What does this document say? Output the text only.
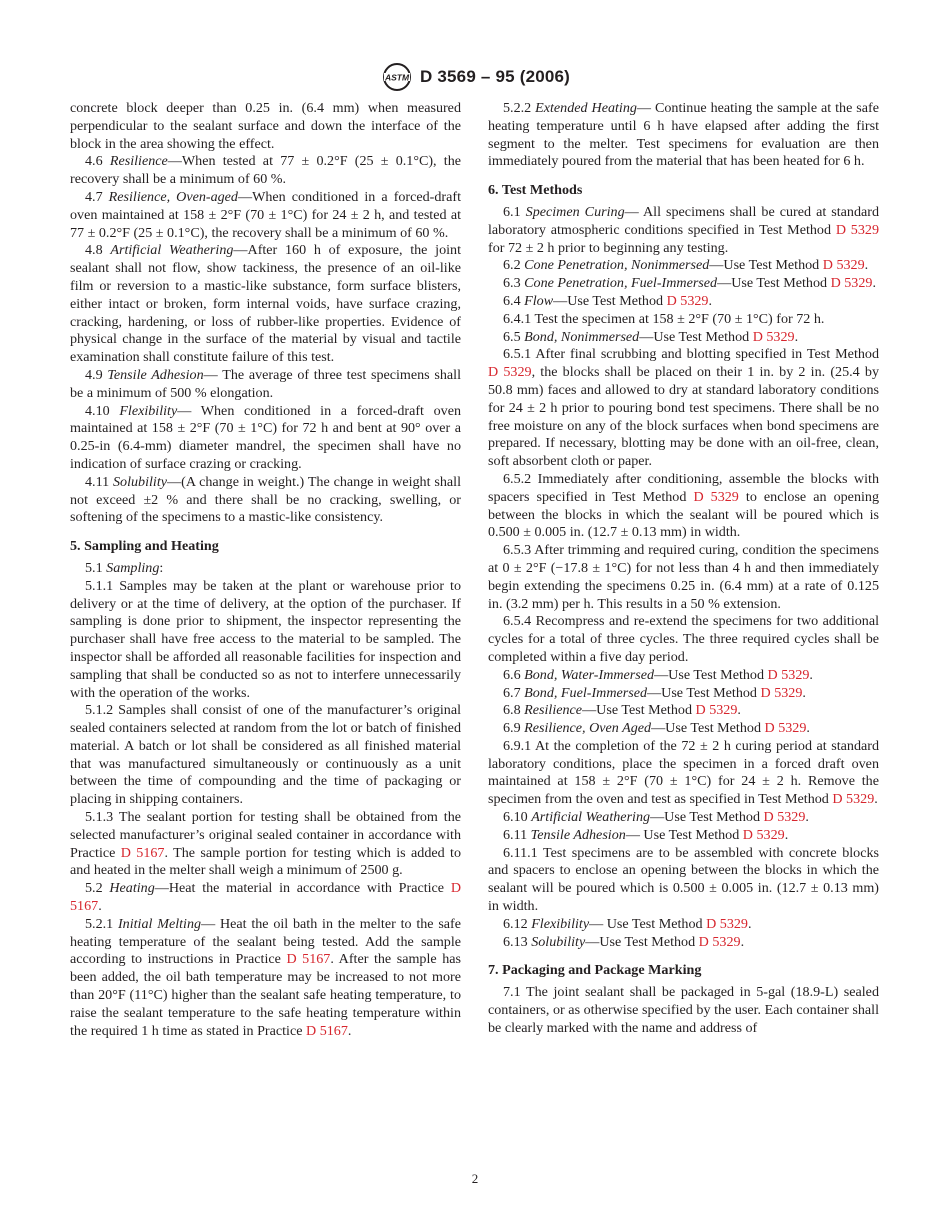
ASTM D 3569 – 95 (2006)

concrete block deeper than 0.25 in. (6.4 mm) when measured perpendicular to the sealant surface and down the interface of the block in the area showing the effect.

4.6 Resilience—When tested at 77 ± 0.2°F (25 ± 0.1°C), the recovery shall be a minimum of 60 %.

4.7 Resilience, Oven-aged—When conditioned in a forced-draft oven maintained at 158 ± 2°F (70 ± 1°C) for 24 ± 2 h, and tested at 77 ± 0.2°F (25 ± 0.1°C), the recovery shall be a minimum of 60 %.

4.8 Artificial Weathering—After 160 h of exposure, the joint sealant shall not flow, show tackiness, the presence of an oil-like film or reversion to a mastic-like substance, form surface blisters, either intact or broken, form internal voids, have surface crazing, cracking, hardening, or loss of rubber-like properties. Evidence of physical change in the surface of the material by visual and tactile examination shall constitute failure of this test.

4.9 Tensile Adhesion— The average of three test specimens shall be a minimum of 500 % elongation.

4.10 Flexibility— When conditioned in a forced-draft oven maintained at 158 ± 2°F (70 ± 1°C) for 72 h and bent at 90° over a 0.25-in (6.4-mm) diameter mandrel, the specimen shall have no indication of surface crazing or cracking.

4.11 Solubility—(A change in weight.) The change in weight shall not exceed ±2 % and there shall be no cracking, swelling, or softening of the specimens to a mastic-like consistency.

5. Sampling and Heating

5.1 Sampling:

5.1.1 Samples may be taken at the plant or warehouse prior to delivery or at the time of delivery, at the option of the purchaser. If sampling is done prior to shipment, the inspector representing the purchaser shall have free access to the material to be sampled. The inspector shall be afforded all reasonable facilities for inspection and sampling that shall be conducted so as not to interfere unnecessarily with the operation of the works.

5.1.2 Samples shall consist of one of the manufacturer’s original sealed containers selected at random from the lot or batch of finished material. A batch or lot shall be considered as all finished material that was manufactured simultaneously or continuously as a unit between the time of compounding and the time of packaging or placing in shipping containers.

5.1.3 The sealant portion for testing shall be obtained from the selected manufacturer’s original sealed container in accordance with Practice D 5167. The sample portion for testing which is added to and heated in the melter shall weigh a minimum of 2500 g.

5.2 Heating—Heat the material in accordance with Practice D 5167.

5.2.1 Initial Melting— Heat the oil bath in the melter to the safe heating temperature of the sealant being tested. Add the sample according to instructions in Practice D 5167. After the sample has been added, the oil bath temperature may be increased to not more than 20°F (11°C) higher than the sealant safe heating temperature, to raise the sealant temperature to the safe heating temperature within the required 1 h time as stated in Practice D 5167.

5.2.2 Extended Heating— Continue heating the sample at the safe heating temperature until 6 h have elapsed after adding the first segment to the melter. Test specimens for evaluation are then immediately poured from the material that has been heated for 6 h.

6. Test Methods

6.1 Specimen Curing— All specimens shall be cured at standard laboratory atmospheric conditions specified in Test Method D 5329 for 72 ± 2 h prior to beginning any testing.

6.2 Cone Penetration, Nonimmersed—Use Test Method D 5329.

6.3 Cone Penetration, Fuel-Immersed—Use Test Method D 5329.

6.4 Flow—Use Test Method D 5329.

6.4.1 Test the specimen at 158 ± 2°F (70 ± 1°C) for 72 h.

6.5 Bond, Nonimmersed—Use Test Method D 5329.

6.5.1 After final scrubbing and blotting specified in Test Method D 5329, the blocks shall be placed on their 1 in. by 2 in. (25.4 by 50.8 mm) faces and allowed to dry at standard laboratory conditions for 24 ± 2 h prior to pouring bond test specimens. There shall be no free moisture on any of the block surfaces when bond specimens are prepared. If necessary, blotting may be done with an oil-free, clean, soft absorbent cloth or paper.

6.5.2 Immediately after conditioning, assemble the blocks with spacers specified in Test Method D 5329 to enclose an opening between the blocks in which the sealant will be poured which is 0.500 ± 0.005 in. (12.7 ± 0.13 mm) in width.

6.5.3 After trimming and required curing, condition the specimens at 0 ± 2°F (−17.8 ± 1°C) for not less than 4 h and then immediately begin extending the specimens 0.25 in. (6.4 mm) at a rate of 0.125 in. (3.2 mm) per h. This results in a 50 % extension.

6.5.4 Recompress and re-extend the specimens for two additional cycles for a total of three cycles. The three required cycles shall be completed within a five day period.

6.6 Bond, Water-Immersed—Use Test Method D 5329.

6.7 Bond, Fuel-Immersed—Use Test Method D 5329.

6.8 Resilience—Use Test Method D 5329.

6.9 Resilience, Oven Aged—Use Test Method D 5329.

6.9.1 At the completion of the 72 ± 2 h curing period at standard laboratory conditions, place the specimen in a forced draft oven maintained at 158 ± 2°F (70 ± 1°C) for 24 ± 2 h. Remove the specimen from the oven and test as specified in Test Method D 5329.

6.10 Artificial Weathering—Use Test Method D 5329.

6.11 Tensile Adhesion— Use Test Method D 5329.

6.11.1 Test specimens are to be assembled with concrete blocks and spacers to enclose an opening between the blocks in which the sealant will be poured which is 0.500 ± 0.005 in. (12.7 ± 0.13 mm) in width.

6.12 Flexibility— Use Test Method D 5329.

6.13 Solubility—Use Test Method D 5329.

7. Packaging and Package Marking

7.1 The joint sealant shall be packaged in 5-gal (18.9-L) sealed containers, or as otherwise specified by the user. Each container shall be clearly marked with the name and address of

2
